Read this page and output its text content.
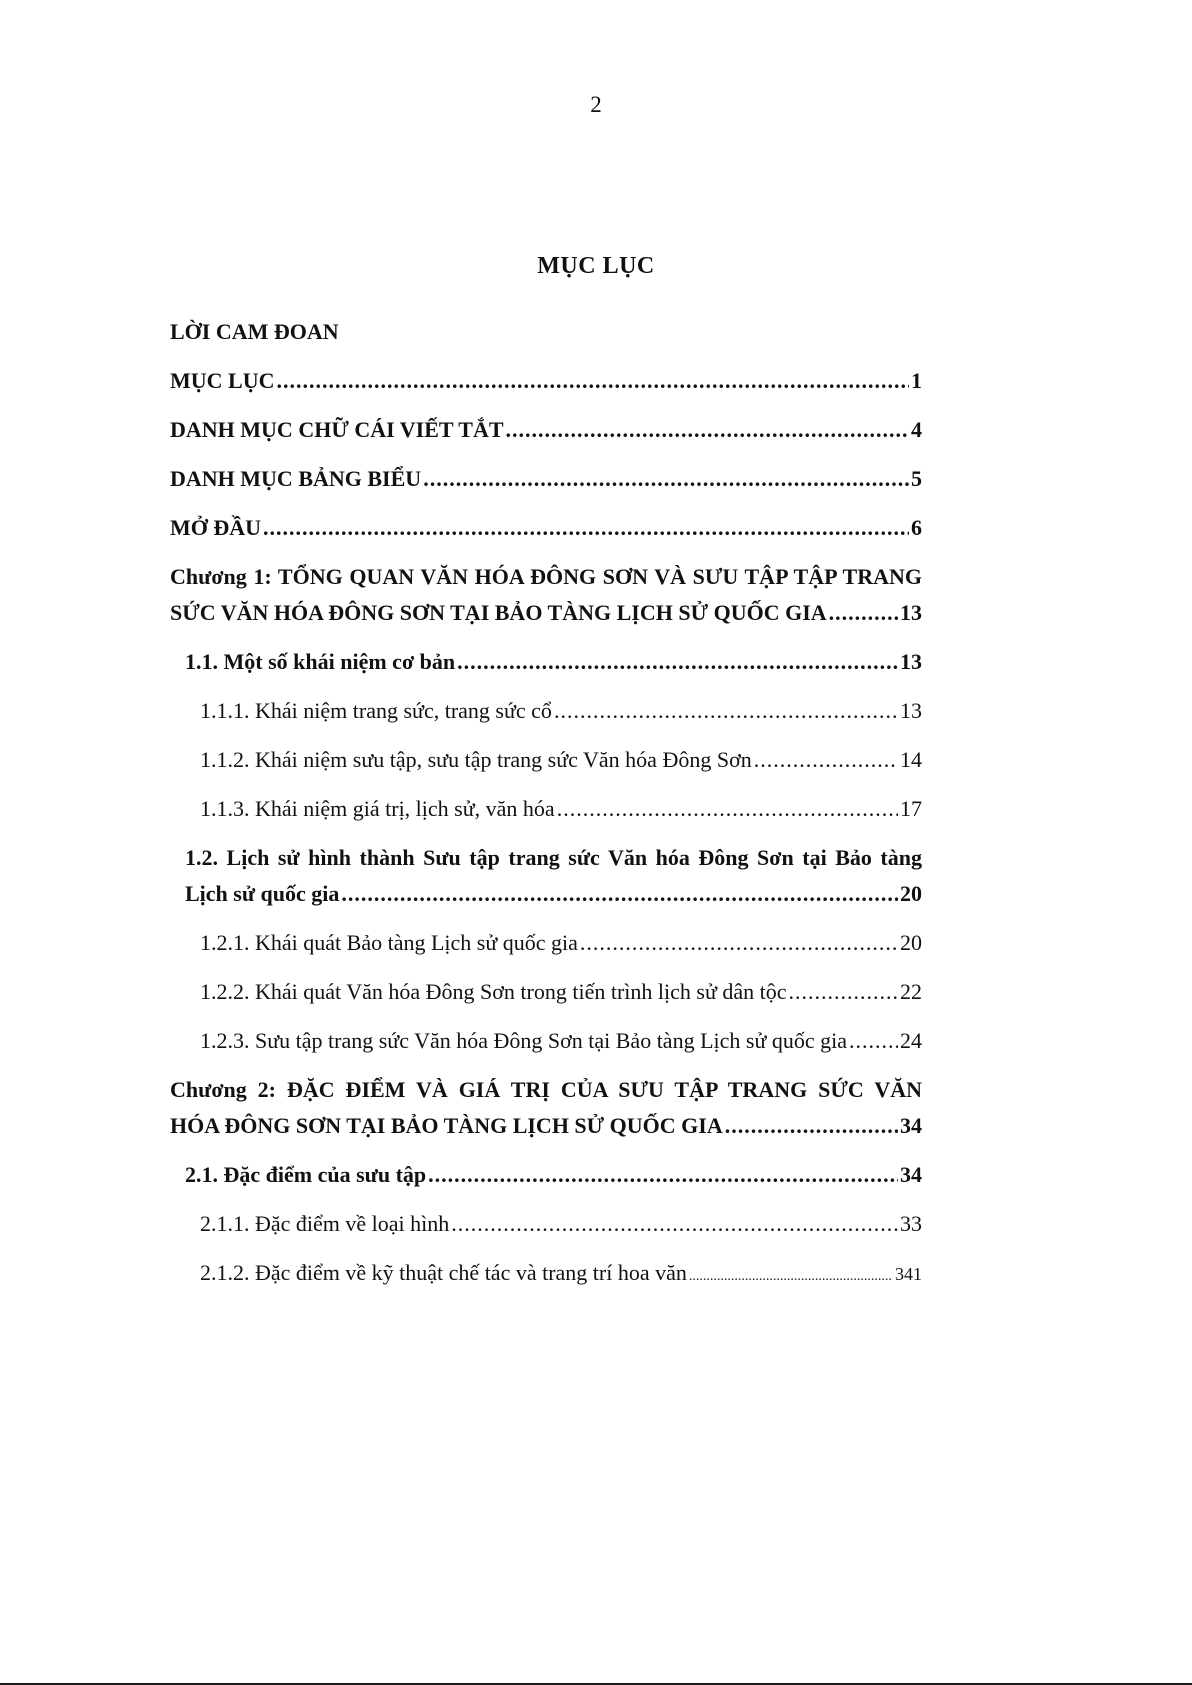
2
MỤC LỤC
LỜI CAM ĐOAN
MỤC LỤC .....	1
DANH MỤC CHỮ CÁI VIẾT TẮT .....	4
DANH MỤC BẢNG BIỂU .....	5
MỞ ĐẦU .....	6
Chương 1: TỔNG QUAN VĂN HÓA ĐÔNG SƠN VÀ SƯU TẬP TẬP TRANG
SỨC VĂN HÓA ĐÔNG SƠN TẠI BẢO TÀNG LỊCH SỬ QUỐC GIA .....	13
1.1. Một số khái niệm cơ bản .....	13
1.1.1. Khái niệm trang sức, trang sức cổ .....	13
1.1.2. Khái niệm sưu tập, sưu tập trang sức Văn hóa Đông Sơn .....	14
1.1.3. Khái niệm giá trị, lịch sử, văn hóa .....	17
1.2. Lịch sử hình thành Sưu tập trang sức Văn hóa Đông Sơn tại Bảo tàng
Lịch sử quốc gia .....	20
1.2.1. Khái quát Bảo tàng Lịch sử quốc gia .....	20
1.2.2. Khái quát Văn hóa Đông Sơn trong tiến trình lịch sử dân tộc .....	22
1.2.3. Sưu tập trang sức Văn hóa Đông Sơn tại Bảo tàng Lịch sử quốc gia ..... 24
Chương 2: ĐẶC ĐIỂM VÀ GIÁ TRỊ CỦA SƯU TẬP TRANG SỨC VĂN
HÓA ĐÔNG SƠN TẠI BẢO TÀNG LỊCH SỬ QUỐC GIA .....	34
2.1. Đặc điểm của sưu tập .....	34
2.1.1. Đặc điểm về loại hình .....	33
2.1.2. Đặc điểm về kỹ thuật chế tác và trang trí hoa văn .....	341
